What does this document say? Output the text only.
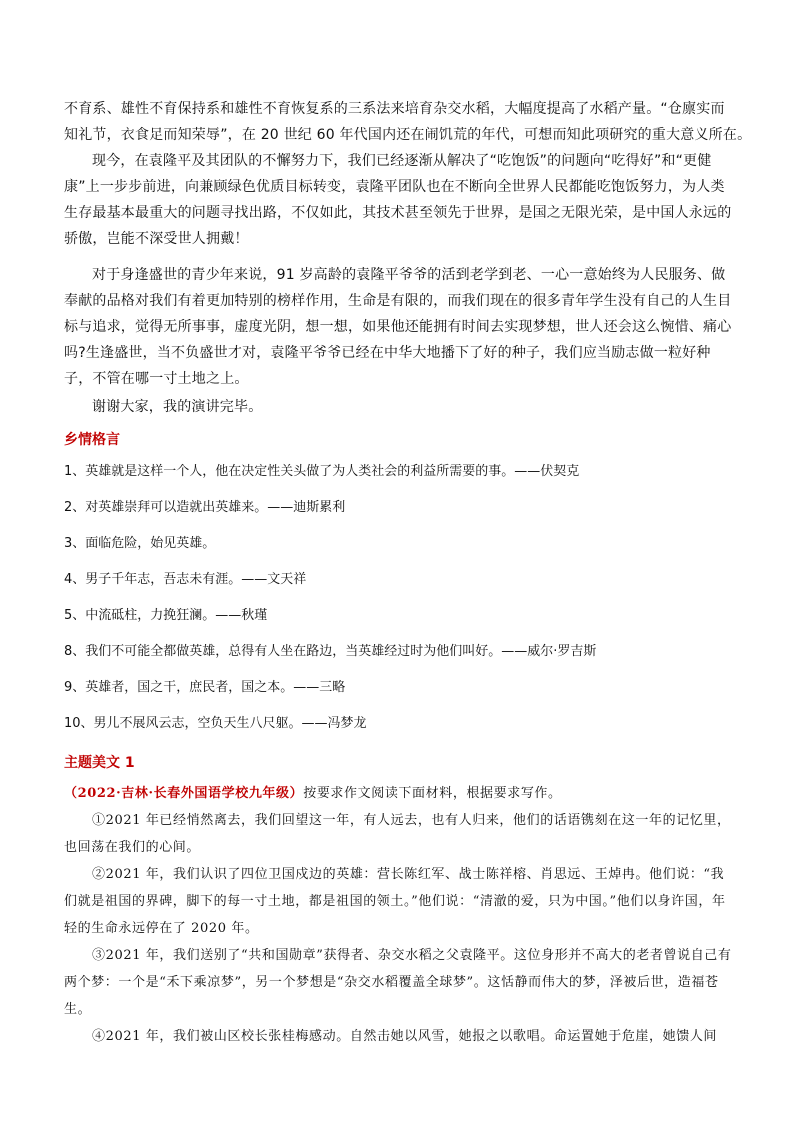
不育系、雄性不育保持系和雄性不育恢复系的三系法来培育杂交水稻，大幅度提高了水稻产量。“仓廪实而
知礼节，衣食足而知荣辱”，在 20 世纪 60 年代国内还在闹饥荒的年代，可想而知此项研究的重大意义所在。
现今，在袁隆平及其团队的不懈努力下，我们已经逐渐从解决了“吃饱饭”的问题向“吃得好”和“更健康”上一步步前进，向兼顾绿色优质目标转变，袁隆平团队也在不断向全世界人民都能吃饱饭努力，为人类生存最基本最重大的问题寻找出路，不仅如此，其技术甚至领先于世界，是国之无限光荣，是中国人永远的骄傲，岂能不深受世人拥戴！
对于身逢盛世的青少年来说，91 岁高龄的袁隆平爷爷的活到老学到老、一心一意始终为人民服务、做奉献的品格对我们有着更加特别的榜样作用，生命是有限的，而我们现在的很多青年学生没有自己的人生目标与追求，觉得无所事事，虚度光阴，想一想，如果他还能拥有时间去实现梦想，世人还会这么惋惜、痛心吗?生逢盛世，当不负盛世才对，袁隆平爷爷已经在中华大地播下了好的种子，我们应当励志做一粒好种子，不管在哪一寸土地之上。
谢谢大家，我的演讲完毕。
乡情格言
1、英雄就是这样一个人，他在决定性关头做了为人类社会的利益所需要的事。——伏契克
2、对英雄崇拜可以造就出英雄来。——迪斯累利
3、面临危险，始见英雄。
4、男子千年志，吾志未有涯。——文天祥
5、中流砥柱，力挽狂澜。——秋瑾
8、我们不可能全都做英雄，总得有人坐在路边，当英雄经过时为他们叫好。——威尔·罗吉斯
9、英雄者，国之干，庶民者，国之本。——三略
10、男儿不展风云志，空负天生八尺躯。——冯梦龙
主题美文 1
（2022·吉林·长春外国语学校九年级）按要求作文阅读下面材料，根据要求写作。
①2021 年已经悄然离去，我们回望这一年，有人远去，也有人归来，他们的话语镌刻在这一年的记忆里，也回荡在我们的心间。
②2021 年，我们认识了四位卫国戍边的英雄：营长陈红军、战士陈祥榕、肖思远、王焯冉。他们说：“我们就是祖国的界碑，脚下的每一寸土地，都是祖国的领土。”他们说：“清澈的爱，只为中国。”他们以身许国，年轻的生命永远停在了 2020 年。
③2021 年，我们送别了“共和国勋章”获得者、杂交水稻之父袁隆平。这位身形并不高大的老者曾说自己有两个梦：一个是“禾下乘凉梦”，另一个梦想是“杂交水稻覆盖全球梦”。这恬静而伟大的梦，泽被后世，造福苍生。
④2021 年，我们被山区校长张桂梅感动。自然击她以风雪，她报之以歌唱。命运置她于危崖，她馈人间
